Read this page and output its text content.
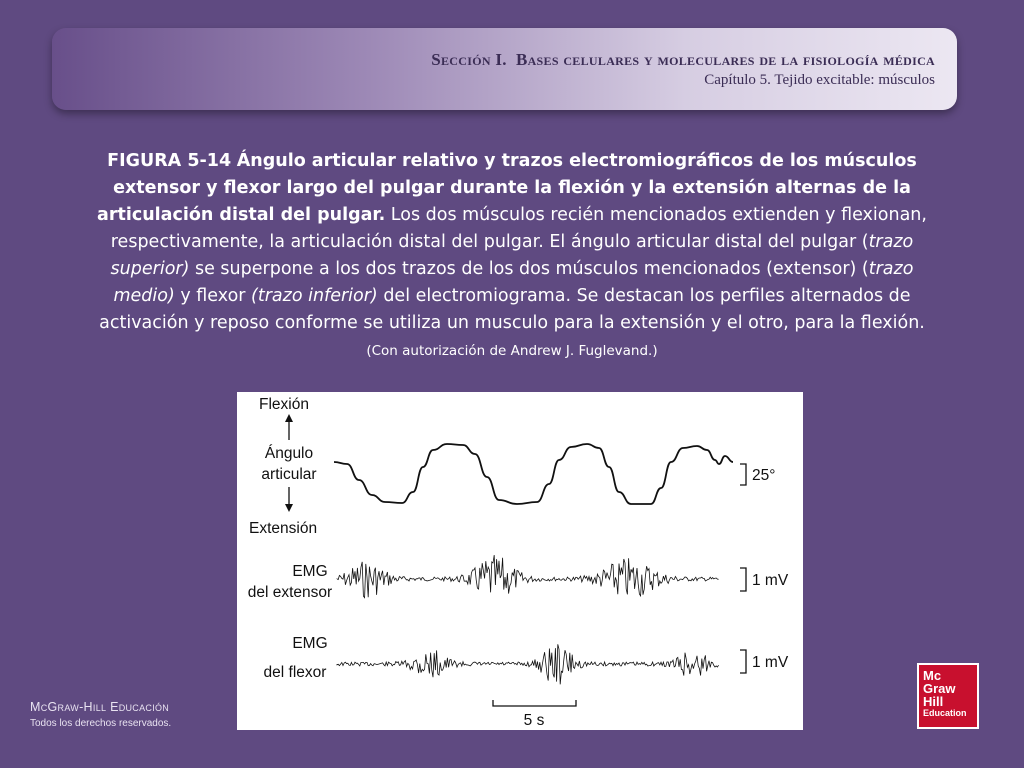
Sección I. Bases celulares y moleculares de la fisiología médica
Capítulo 5. Tejido excitable: músculos
FIGURA 5-14 Ángulo articular relativo y trazos electromiográficos de los músculos extensor y flexor largo del pulgar durante la flexión y la extensión alternas de la articulación distal del pulgar. Los dos músculos recién mencionados extienden y flexionan, respectivamente, la articulación distal del pulgar. El ángulo articular distal del pulgar (trazo superior) se superpone a los dos trazos de los dos músculos mencionados (extensor) (trazo medio) y flexor (trazo inferior) del electromiograma. Se destacan los perfiles alternados de activación y reposo conforme se utiliza un musculo para la extensión y el otro, para la flexión. (Con autorización de Andrew J. Fuglevand.)
Flexión
Ángulo
articular
Extensión
EMG
del extensor
EMG
del flexor
25°
1 mV
1 mV
5 s
McGraw-Hill Educación
Todos los derechos reservados.
Mc
Graw
Hill
Education
